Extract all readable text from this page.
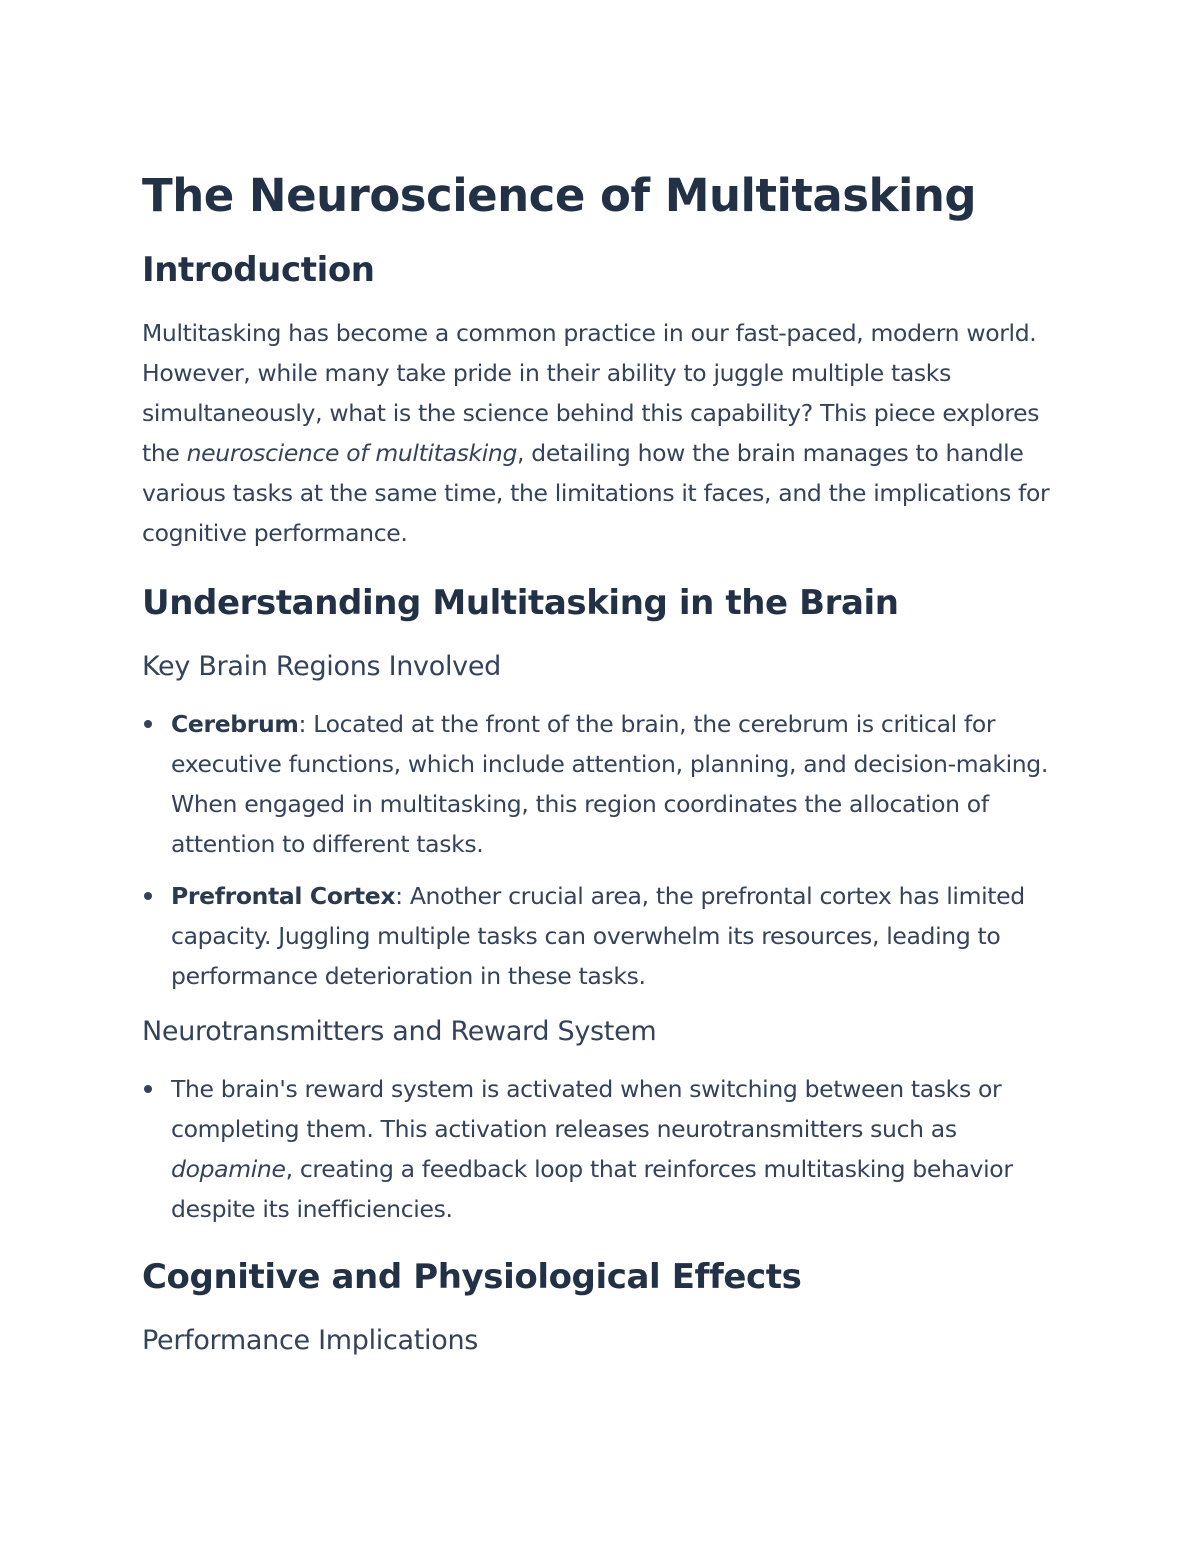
The Neuroscience of Multitasking
Introduction

Multitasking has become a common practice in our fast-paced, modern world. However, while many take pride in their ability to juggle multiple tasks simultaneously, what is the science behind this capability? This piece explores the neuroscience of multitasking, detailing how the brain manages to handle various tasks at the same time, the limitations it faces, and the implications for cognitive performance.

Understanding Multitasking in the Brain
Key Brain Regions Involved
Cerebrum: Located at the front of the brain, the cerebrum is critical for executive functions, which include attention, planning, and decision-making. When engaged in multitasking, this region coordinates the allocation of attention to different tasks.
Prefrontal Cortex: Another crucial area, the prefrontal cortex has limited capacity. Juggling multiple tasks can overwhelm its resources, leading to performance deterioration in these tasks.
Neurotransmitters and Reward System
The brain's reward system is activated when switching between tasks or completing them. This activation releases neurotransmitters such as dopamine, creating a feedback loop that reinforces multitasking behavior despite its inefficiencies.
Cognitive and Physiological Effects
Performance Implications
